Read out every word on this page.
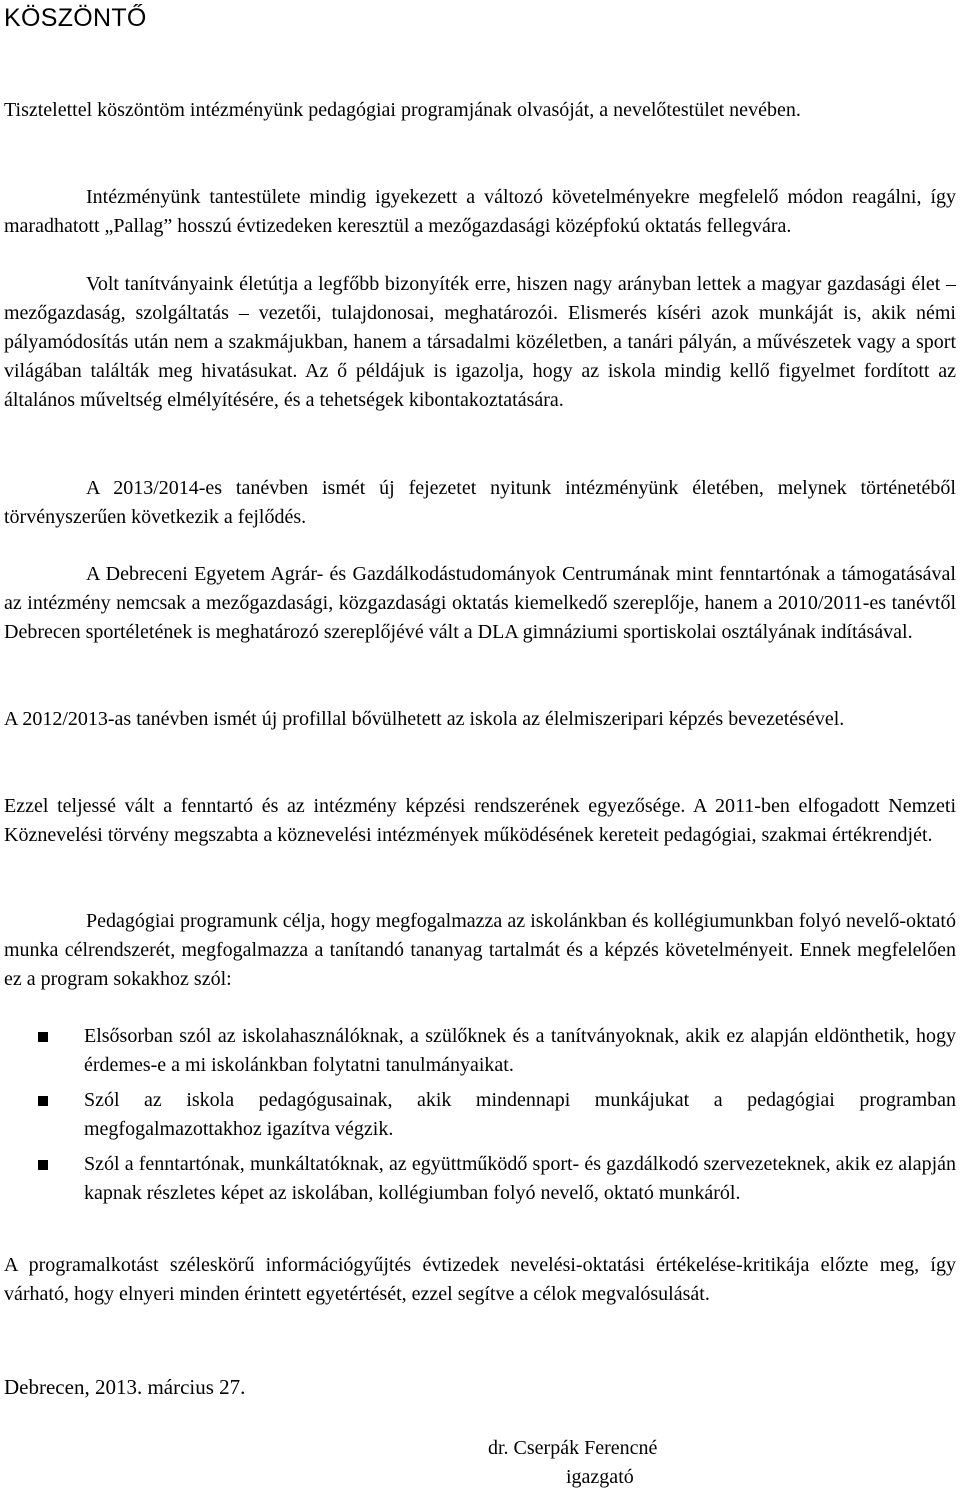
KÖSZÖNTŐ

Tisztelettel köszöntöm intézményünk pedagógiai programjának olvasóját, a nevelőtestület nevében.

Intézményünk tantestülete mindig igyekezett a változó követelményekre megfelelő módon reagálni, így maradhatott „Pallag” hosszú évtizedeken keresztül a mezőgazdasági középfokú oktatás fellegvára.

Volt tanítványaink életútja a legfőbb bizonyíték erre, hiszen nagy arányban lettek a magyar gazdasági élet – mezőgazdaság, szolgáltatás – vezetői, tulajdonosai, meghatározói. Elismerés kíséri azok munkáját is, akik némi pályamódosítás után nem a szakmájukban, hanem a társadalmi közéletben, a tanári pályán, a művészetek vagy a sport világában találták meg hivatásukat. Az ő példájuk is igazolja, hogy az iskola mindig kellő figyelmet fordított az általános műveltség elmélyítésére, és a tehetségek kibontakoztatására.

A 2013/2014-es tanévben ismét új fejezetet nyitunk intézményünk életében, melynek történetéből törvényszerűen következik a fejlődés.

A Debreceni Egyetem Agrár- és Gazdálkodástudományok Centrumának mint fenntartónak a támogatásával az intézmény nemcsak a mezőgazdasági, közgazdasági oktatás kiemelkedő szereplője, hanem a 2010/2011-es tanévtől Debrecen sportéletének is meghatározó szereplőjévé vált a DLA gimnáziumi sportiskolai osztályának indításával.

A 2012/2013-as tanévben ismét új profillal bővülhetett az iskola az élelmiszeripari képzés bevezetésével.

Ezzel teljessé vált a fenntartó és az intézmény képzési rendszerének egyezősége. A 2011-ben elfogadott Nemzeti Köznevelési törvény megszabta a köznevelési intézmények működésének kereteit pedagógiai, szakmai értékrendjét.

Pedagógiai programunk célja, hogy megfogalmazza az iskolánkban és kollégiumunkban folyó nevelő-oktató munka célrendszerét, megfogalmazza a tanítandó tananyag tartalmát és a képzés követelményeit. Ennek megfelelően ez a program sokakhoz szól:

Elsősorban szól az iskolahasználóknak, a szülőknek és a tanítványoknak, akik ez alapján eldönthetik, hogy érdemes-e a mi iskolánkban folytatni tanulmányaikat.
Szól az iskola pedagógusainak, akik mindennapi munkájukat a pedagógiai programban megfogalmazottakhoz igazítva végzik.
Szól a fenntartónak, munkáltatóknak, az együttműködő sport- és gazdálkodó szervezeteknek, akik ez alapján kapnak részletes képet az iskolában, kollégiumban folyó nevelő, oktató munkáról.

A programalkotást széleskörű információgyűjtés évtizedek nevelési-oktatási értékelése-kritikája előzte meg, így várható, hogy elnyeri minden érintett egyetértését, ezzel segítve a célok megvalósulását.

Debrecen, 2013. március 27.

dr. Cserpák Ferencné

igazgató
